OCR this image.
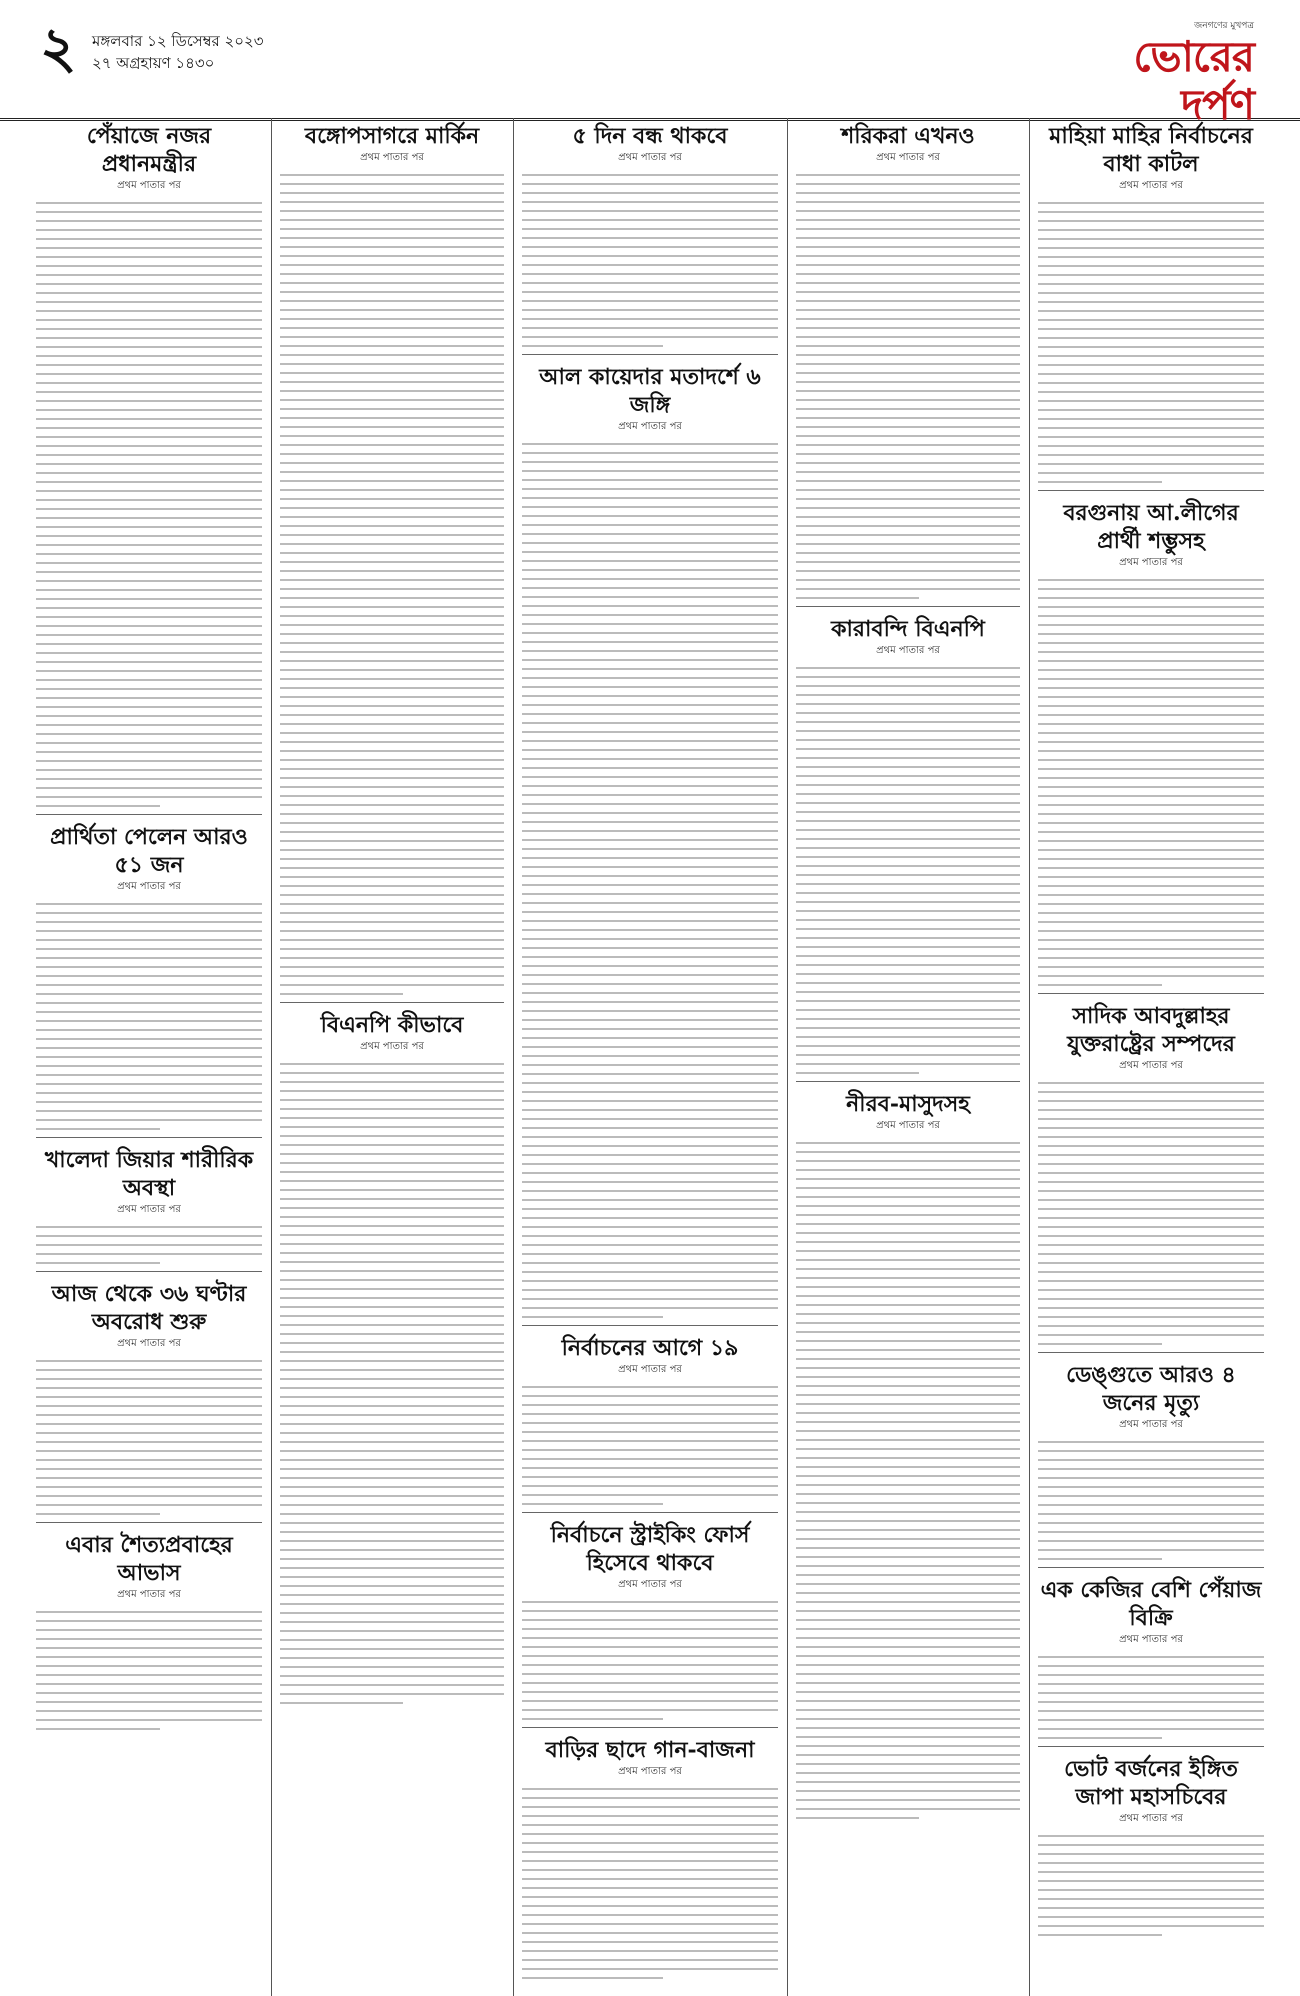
২ মঙ্গলবার ১২ ডিসেম্বর ২০২৩
২৭ অগ্রহায়ণ ১৪৩০
জনগণের মুখপত্র
ভোরের দর্পণ
পেঁয়াজে নজর প্রধানমন্ত্রীর
প্রথম পাতার পর
প্রার্থিতা পেলেন আরও ৫১ জন
প্রথম পাতার পর
খালেদা জিয়ার শারীরিক অবস্থা
প্রথম পাতার পর
আজ থেকে ৩৬ ঘণ্টার অবরোধ শুরু
প্রথম পাতার পর
এবার শৈত্যপ্রবাহের আভাস
প্রথম পাতার পর
বঙ্গোপসাগরে মার্কিন
প্রথম পাতার পর
বিএনপি কীভাবে
প্রথম পাতার পর
৫ দিন বন্ধ থাকবে
প্রথম পাতার পর
আল কায়েদার মতাদর্শে ৬ জঙ্গি
প্রথম পাতার পর
নির্বাচনের আগে ১৯
প্রথম পাতার পর
নির্বাচনে স্ট্রাইকিং ফোর্স হিসেবে থাকবে
প্রথম পাতার পর
বাড়ির ছাদে গান-বাজনা
প্রথম পাতার পর
শরিকরা এখনও
প্রথম পাতার পর
কারাবন্দি বিএনপি
প্রথম পাতার পর
নীরব-মাসুদসহ
প্রথম পাতার পর
মাহিয়া মাহির নির্বাচনের বাধা কাটল
প্রথম পাতার পর
বরগুনায় আ.লীগের প্রার্থী শম্ভুসহ
প্রথম পাতার পর
সাদিক আবদুল্লাহর যুক্তরাষ্ট্রের সম্পদের
প্রথম পাতার পর
ডেঙ্গুতে আরও ৪ জনের মৃত্যু
প্রথম পাতার পর
এক কেজির বেশি পেঁয়াজ বিক্রি
প্রথম পাতার পর
ভোট বর্জনের ইঙ্গিত জাপা মহাসচিবের
প্রথম পাতার পর
